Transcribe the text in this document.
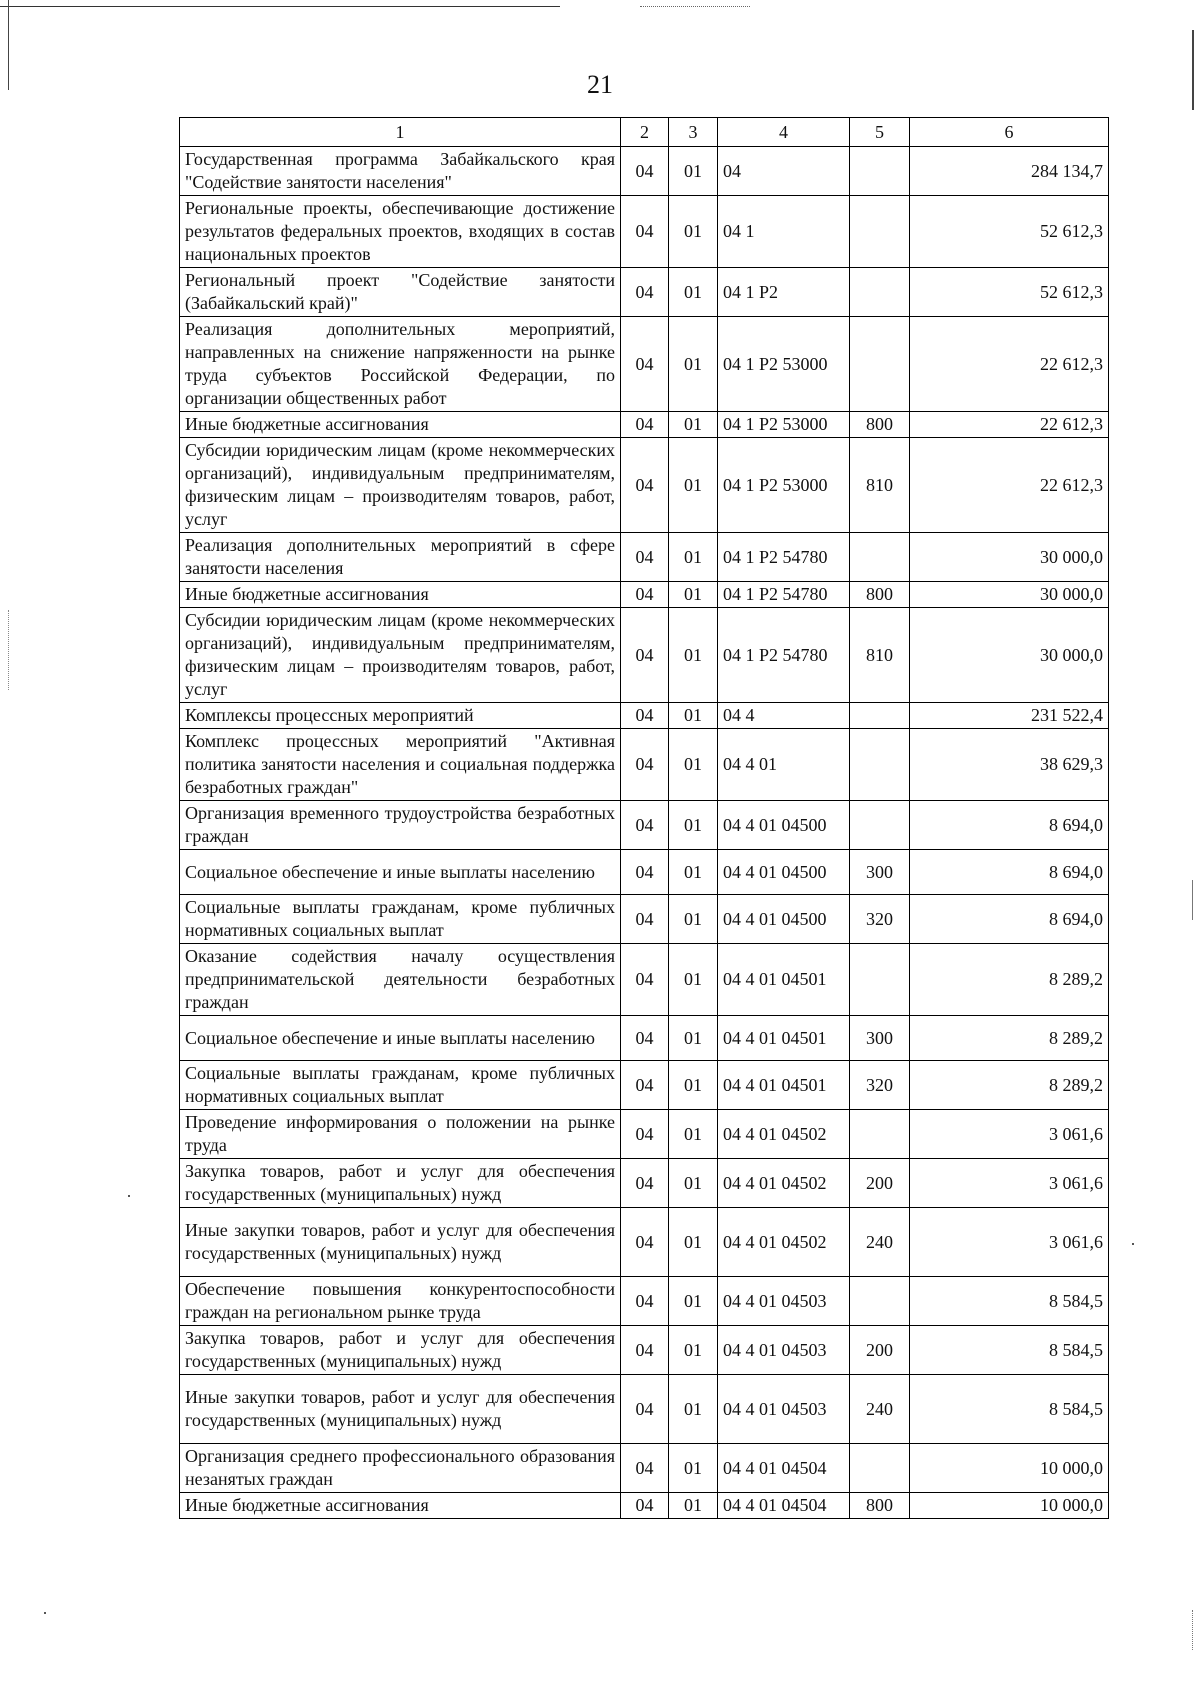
21
1	2	3	4	5	6
Государственная программа Забайкальского края "Содействие занятости населения"	04	01	04		284 134,7
Региональные проекты, обеспечивающие достижение результатов федеральных проектов, входящих в состав национальных проектов	04	01	04 1		52 612,3
Региональный проект "Содействие занятости (Забайкальский край)"	04	01	04 1 P2		52 612,3
Реализация дополнительных мероприятий, направленных на снижение напряженности на рынке труда субъектов Российской Федерации, по организации общественных работ	04	01	04 1 P2 53000		22 612,3
Иные бюджетные ассигнования	04	01	04 1 P2 53000	800	22 612,3
Субсидии юридическим лицам (кроме некоммерческих организаций), индивидуальным предпринимателям, физическим лицам – производителям товаров, работ, услуг	04	01	04 1 P2 53000	810	22 612,3
Реализация дополнительных мероприятий в сфере занятости населения	04	01	04 1 P2 54780		30 000,0
Иные бюджетные ассигнования	04	01	04 1 P2 54780	800	30 000,0
Субсидии юридическим лицам (кроме некоммерческих организаций), индивидуальным предпринимателям, физическим лицам – производителям товаров, работ, услуг	04	01	04 1 P2 54780	810	30 000,0
Комплексы процессных мероприятий	04	01	04 4		231 522,4
Комплекс процессных мероприятий "Активная политика занятости населения и социальная поддержка безработных граждан"	04	01	04 4 01		38 629,3
Организация временного трудоустройства безработных граждан	04	01	04 4 01 04500		8 694,0
Социальное обеспечение и иные выплаты населению	04	01	04 4 01 04500	300	8 694,0
Социальные выплаты гражданам, кроме публичных нормативных социальных выплат	04	01	04 4 01 04500	320	8 694,0
Оказание содействия началу осуществления предпринимательской деятельности безработных граждан	04	01	04 4 01 04501		8 289,2
Социальное обеспечение и иные выплаты населению	04	01	04 4 01 04501	300	8 289,2
Социальные выплаты гражданам, кроме публичных нормативных социальных выплат	04	01	04 4 01 04501	320	8 289,2
Проведение информирования о положении на рынке труда	04	01	04 4 01 04502		3 061,6
Закупка товаров, работ и услуг для обеспечения государственных (муниципальных) нужд	04	01	04 4 01 04502	200	3 061,6
Иные закупки товаров, работ и услуг для обеспечения государственных (муниципальных) нужд	04	01	04 4 01 04502	240	3 061,6
Обеспечение повышения конкурентоспособности граждан на региональном рынке труда	04	01	04 4 01 04503		8 584,5
Закупка товаров, работ и услуг для обеспечения государственных (муниципальных) нужд	04	01	04 4 01 04503	200	8 584,5
Иные закупки товаров, работ и услуг для обеспечения государственных (муниципальных) нужд	04	01	04 4 01 04503	240	8 584,5
Организация среднего профессионального образования незанятых граждан	04	01	04 4 01 04504		10 000,0
Иные бюджетные ассигнования	04	01	04 4 01 04504	800	10 000,0
